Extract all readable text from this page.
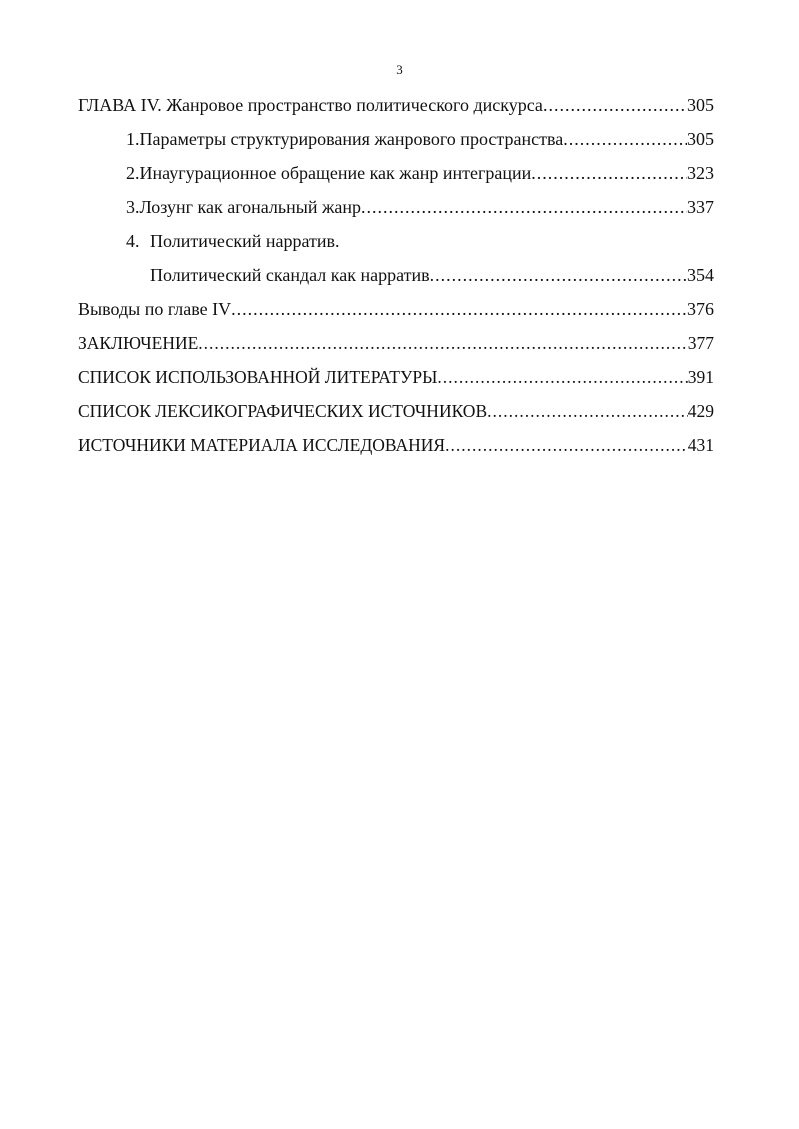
3
ГЛАВА IV. Жанровое пространство политического дискурса .....	305
1. Параметры структурирования жанрового пространства .....	305
2. Инаугурационное обращение как жанр интеграции .....	323
3. Лозунг как агональный жанр .....	337
4. Политический нарратив.
Политический скандал как нарратив .....	354
Выводы по главе IV .....	376
ЗАКЛЮЧЕНИЕ .....	377
СПИСОК ИСПОЛЬЗОВАННОЙ ЛИТЕРАТУРЫ .....	391
СПИСОК ЛЕКСИКОГРАФИЧЕСКИХ ИСТОЧНИКОВ .....	429
ИСТОЧНИКИ МАТЕРИАЛА ИССЛЕДОВАНИЯ .....	431
